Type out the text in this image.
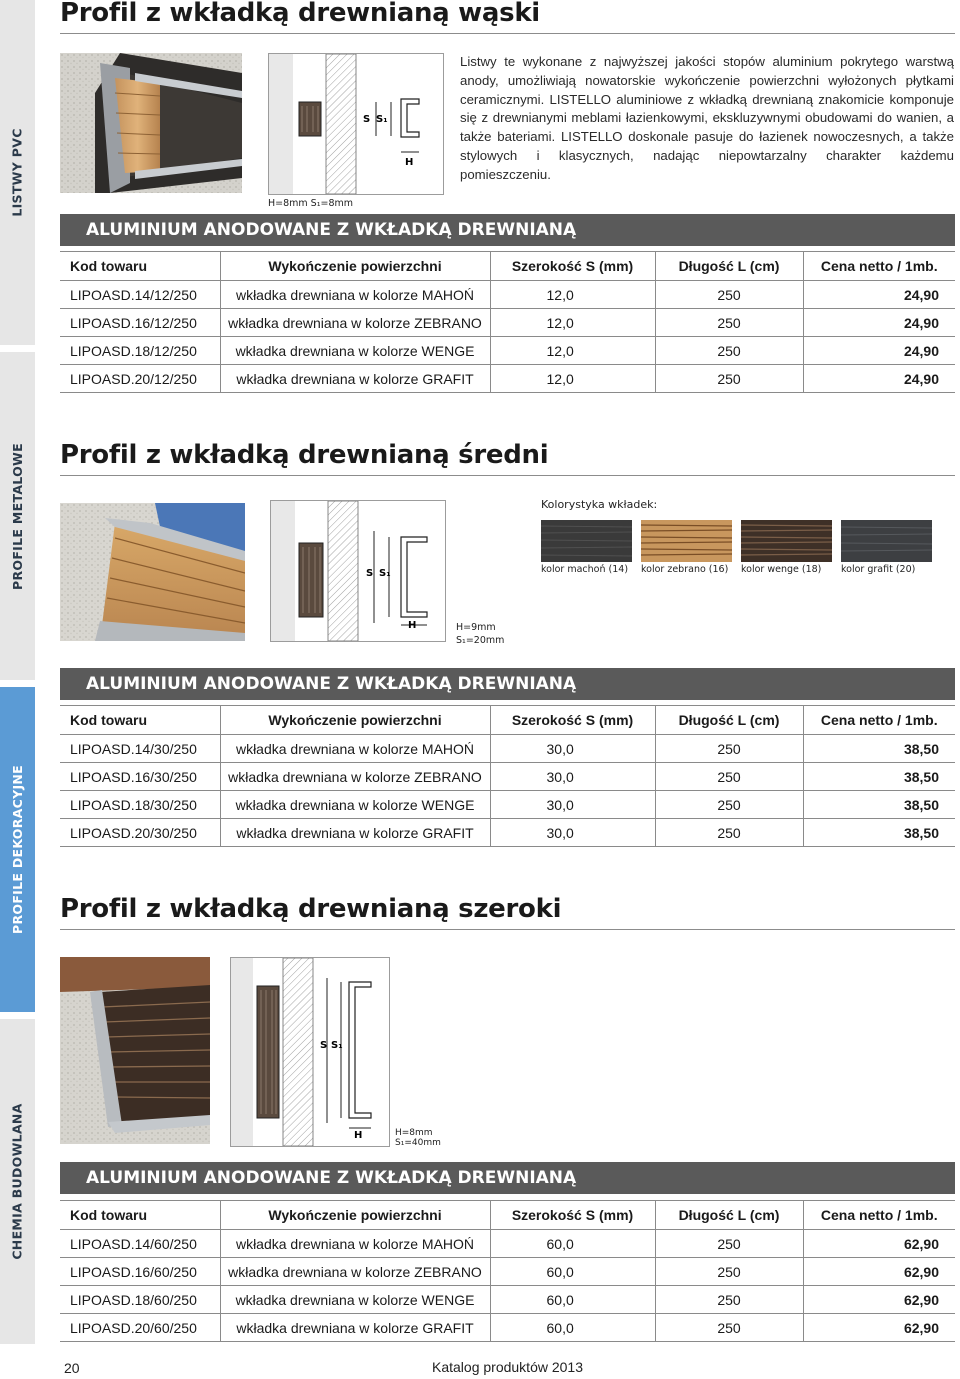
LISTWY PVC
PROFILE METALOWE
PROFILE DEKORACYJNE
CHEMIA BUDOWLANA
Profil z wkładką drewnianą wąski
S S₁
H
H=8mm S₁=8mm
Listwy te wykonane z najwyższej jakości stopów aluminium pokrytego warstwą anody, umożliwiają nowatorskie wykończenie powierzchni wyłożonych płytkami ceramicznymi. LISTELLO aluminiowe z wkładką drewnianą znakomicie komponuje się z drewnianymi meblami łazienkowymi, ekskluzywnymi obudowami do wanien, a także bateriami. LISTELLO doskonale pasuje do łazienek nowoczesnych, a także stylowych i klasycznych, nadając niepowtarzalny charakter każdemu pomieszczeniu.
ALUMINIUM ANODOWANE Z WKŁADKĄ DREWNIANĄ
Kod towaru	Wykończenie powierzchni	Szerokość S (mm)	Długość L (cm)	Cena netto / 1mb.
LIPOASD.14/12/250	wkładka drewniana w kolorze MAHOŃ	12,0	250	24,90
LIPOASD.16/12/250	wkładka drewniana w kolorze ZEBRANO	12,0	250	24,90
LIPOASD.18/12/250	wkładka drewniana w kolorze WENGE	12,0	250	24,90
LIPOASD.20/12/250	wkładka drewniana w kolorze GRAFIT	12,0	250	24,90
Profil z wkładką drewnianą średni
S S₁
H	H=9mm
S₁=20mm
Kolorystyka wkładek:
kolor machoń (14) kolor zebrano (16) kolor wenge (18) kolor grafit (20)
ALUMINIUM ANODOWANE Z WKŁADKĄ DREWNIANĄ
Kod towaru	Wykończenie powierzchni	Szerokość S (mm)	Długość L (cm)	Cena netto / 1mb.
LIPOASD.14/30/250	wkładka drewniana w kolorze MAHOŃ	30,0	250	38,50
LIPOASD.16/30/250	wkładka drewniana w kolorze ZEBRANO	30,0	250	38,50
LIPOASD.18/30/250	wkładka drewniana w kolorze WENGE	30,0	250	38,50
LIPOASD.20/30/250	wkładka drewniana w kolorze GRAFIT	30,0	250	38,50
Profil z wkładką drewnianą szeroki
S S₁
H	H=8mm
S₁=40mm
ALUMINIUM ANODOWANE Z WKŁADKĄ DREWNIANĄ
Kod towaru	Wykończenie powierzchni	Szerokość S (mm)	Długość L (cm)	Cena netto / 1mb.
LIPOASD.14/60/250	wkładka drewniana w kolorze MAHOŃ	60,0	250	62,90
LIPOASD.16/60/250	wkładka drewniana w kolorze ZEBRANO	60,0	250	62,90
LIPOASD.18/60/250	wkładka drewniana w kolorze WENGE	60,0	250	62,90
LIPOASD.20/60/250	wkładka drewniana w kolorze GRAFIT	60,0	250	62,90
20	Katalog produktów 2013
